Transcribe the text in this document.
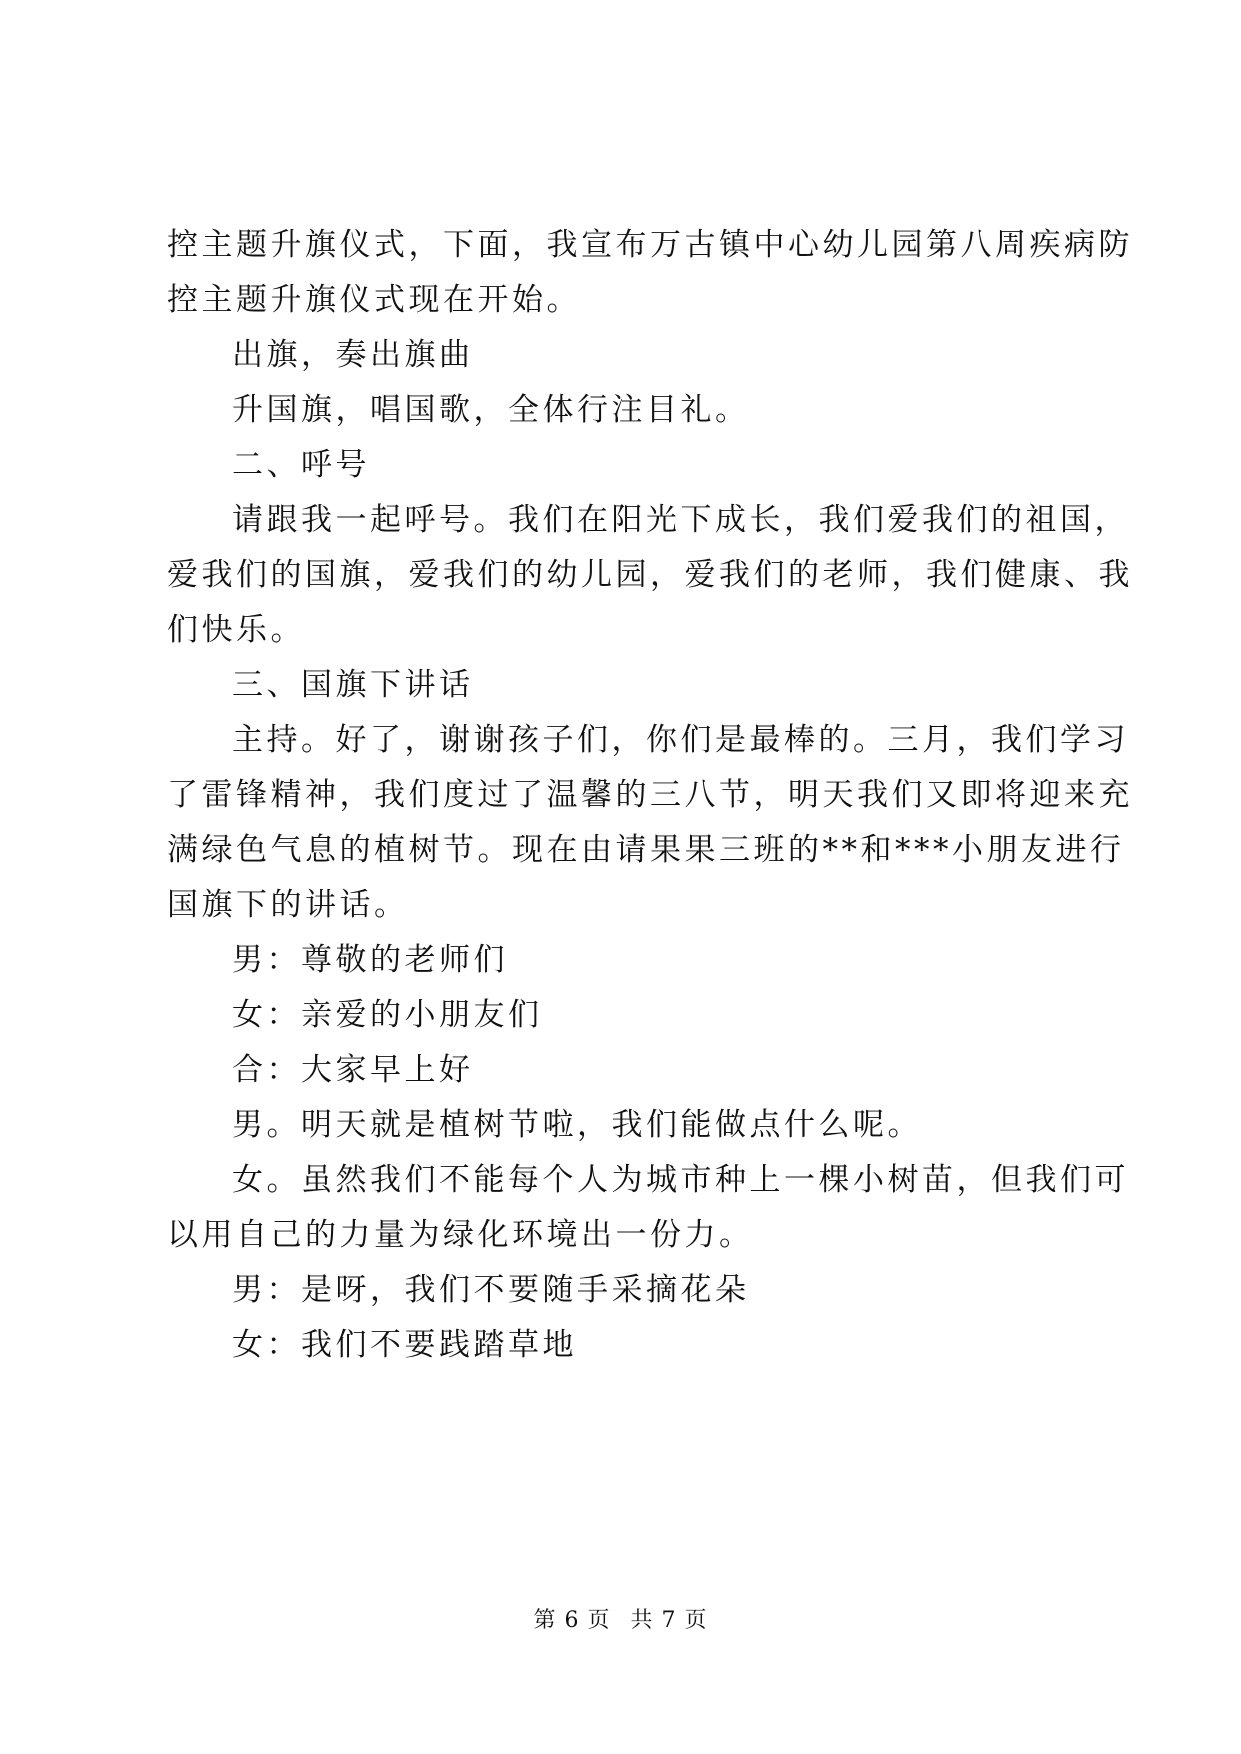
控主题升旗仪式，下面，我宣布万古镇中心幼儿园第八周疾病防
控主题升旗仪式现在开始。
出旗，奏出旗曲
升国旗，唱国歌，全体行注目礼。
二、呼号
请跟我一起呼号。我们在阳光下成长，我们爱我们的祖国，
爱我们的国旗，爱我们的幼儿园，爱我们的老师，我们健康、我
们快乐。
三、国旗下讲话
主持。好了，谢谢孩子们，你们是最棒的。三月，我们学习
了雷锋精神，我们度过了温馨的三八节，明天我们又即将迎来充
满绿色气息的植树节。现在由请果果三班的**和***小朋友进行
国旗下的讲话。
男：尊敬的老师们
女：亲爱的小朋友们
合：大家早上好
男。明天就是植树节啦，我们能做点什么呢。
女。虽然我们不能每个人为城市种上一棵小树苗，但我们可
以用自己的力量为绿化环境出一份力。
男：是呀，我们不要随手采摘花朵
女：我们不要践踏草地
第 6 页 共 7 页
